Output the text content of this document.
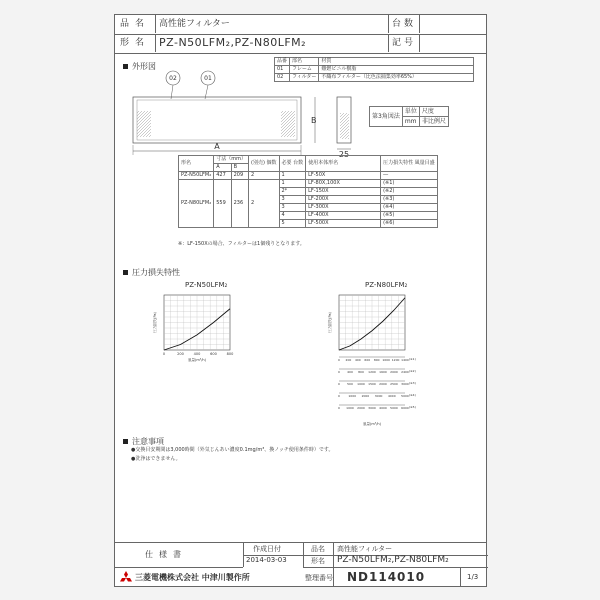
品名	高性能フィルター	台数
形名 PZ-N50LFM₂,PZ-N80LFM₂	記号
品番	部名	材質
01	フレーム	難燃ビニル樹脂
02	フィルター	不織布フィルター（比色法捕集効率65%）
外形図
02	01
A
B
25
第3角図法	単位	尺度
	mm	非比例尺
形名	寸法（mm）		(別売) 個数	必要 台数	使用本体形名	圧力損失特性 風量目盛
	A	B				
PZ-N50LFM₂	427	209	2	1	LF-50X	―
PZ-N80LFM₂	559	236	2	1	LF-80X,100X	(※1)
				2*	LF-150X	(※2)
				3	LF-200X	(※3)
				3	LF-300X	(※4)
				4	LF-400X	(※5)
				5	LF-500X	(※6)
※：LF-150Xの場合、フィルターは1個残りとなります。
圧力損失特性
PZ-N50LFM₂	PZ-N80LFM₂
圧力損失(Pa)
0	200	400	600	800
風量(m³/h)
圧力損失(Pa)
0 200 400 600 800 1000 1200 1400 (※1)
0 400 800 1200 1600 2000 2400 (※2)
0 500 1000 1500 2000 2500 3000 (※3)
0	1000 2000 3000 4000 5000 (※4)
0 1000 2000 3000 4000 5000 6000 (※5)
風量(m³/h)
注意事項
●交換目安期間は3,000時間（外気じんあい濃度0.1mg/m³、換ノッチ使用条件時）です。
●洗浄はできません。
仕様書
作成日付
2014-03-03
品名 高性能フィルター
形名 PZ-N50LFM₂,PZ-N80LFM₂
整理番号 ND114010	1/3
三菱電機株式会社 中津川製作所
